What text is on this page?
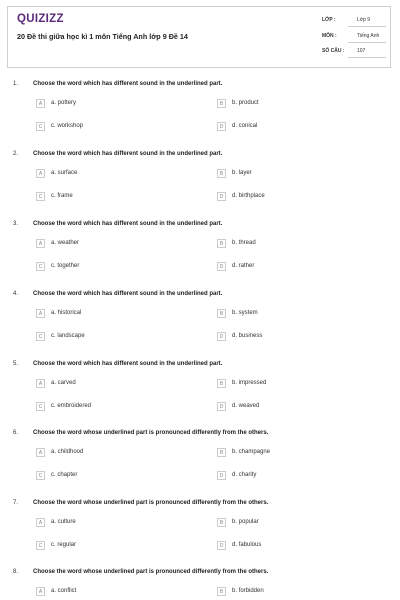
QUIZIZZ
20 Đề thi giữa học kì 1 môn Tiếng Anh lớp 9 Đề 14
LỚP :	Lớp 9
MÔN :	Tiếng Anh
SỐ CÂU :	107
1. Choose the word which has different sound in the underlined part.
A	a. pottery	B	b. product
C	c. workshop	D	d. conical
2. Choose the word which has different sound in the underlined part.
A	a. surface	B	b. layer
C	c. frame	D	d. birthplace
3. Choose the word which has different sound in the underlined part.
A	a. weather	B	b. thread
C	c. together	D	d. rather
4. Choose the word which has different sound in the underlined part.
A	a. historical	B	b. system
C	c. landscape	D	d. business
5. Choose the word which has different sound in the underlined part.
A	a. carved	B	b. impressed
C	c. embroidered	D	d. weaved
6. Choose the word whose underlined part is pronounced differently from the others.
A	a. childhood	B	b. champagne
C	c. chapter	D	d. charity
7. Choose the word whose underlined part is pronounced differently from the others.
A	a. culture	B	b. popular
C	c. regular	D	d. fabulous
8. Choose the word whose underlined part is pronounced differently from the others.
A	a. conflict	B	b. forbidden
